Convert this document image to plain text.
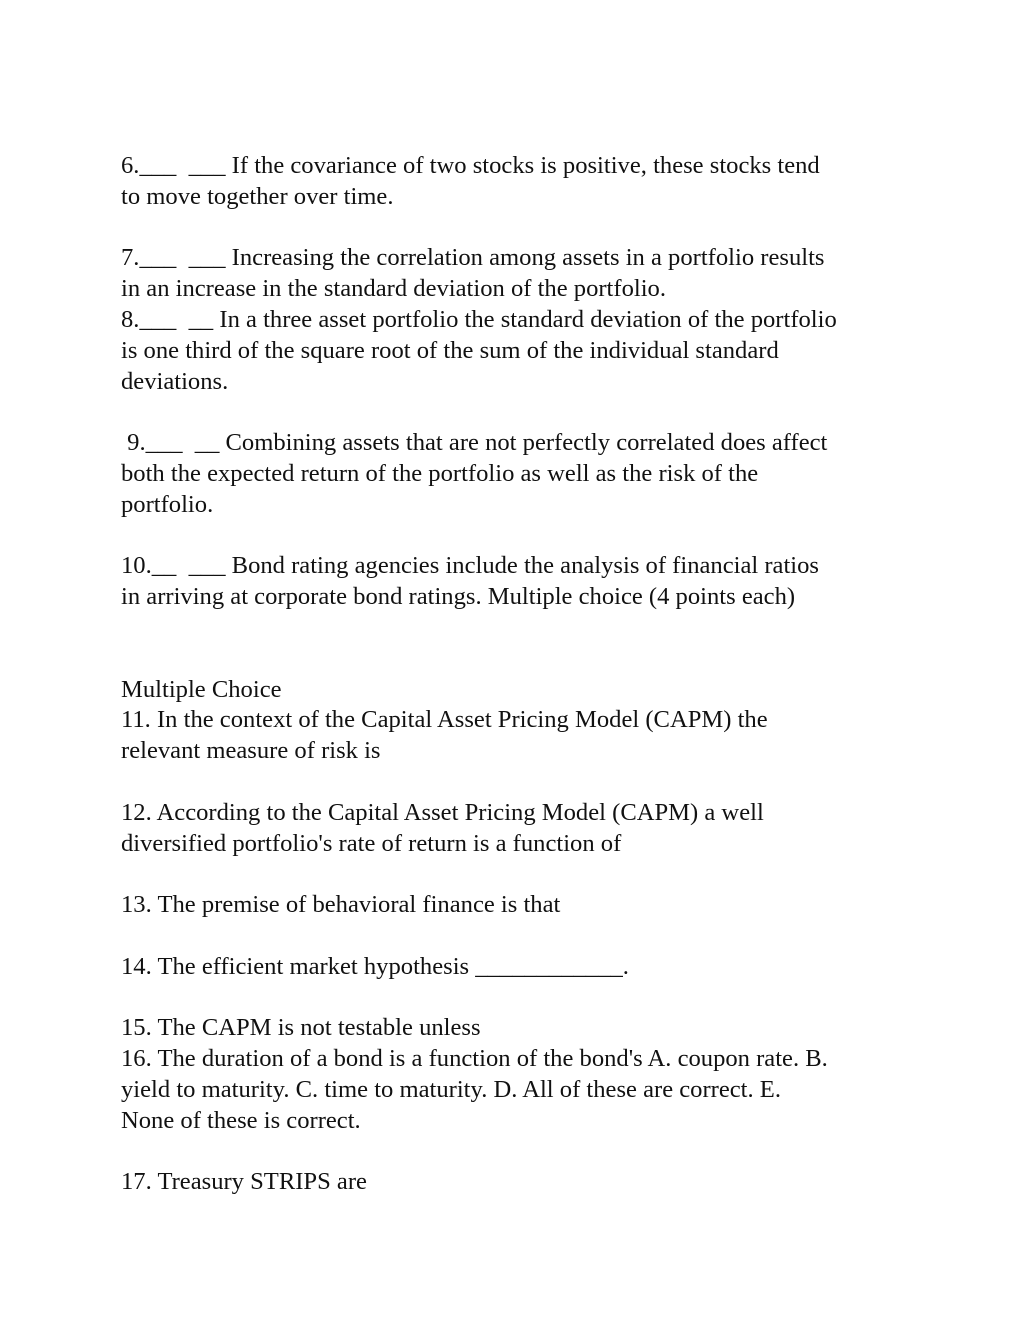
6.___  ___ If the covariance of two stocks is positive, these stocks tend
to move together over time.
7.___  ___ Increasing the correlation among assets in a portfolio results
in an increase in the standard deviation of the portfolio.
8.___  __ In a three asset portfolio the standard deviation of the portfolio
is one third of the square root of the sum of the individual standard
deviations.
9.___  __ Combining assets that are not perfectly correlated does affect
both the expected return of the portfolio as well as the risk of the
portfolio.
10.__  ___ Bond rating agencies include the analysis of financial ratios
in arriving at corporate bond ratings. Multiple choice (4 points each)
Multiple Choice
11. In the context of the Capital Asset Pricing Model (CAPM) the
relevant measure of risk is
12. According to the Capital Asset Pricing Model (CAPM) a well
diversified portfolio's rate of return is a function of
13. The premise of behavioral finance is that
14. The efficient market hypothesis ____________.
15. The CAPM is not testable unless
16. The duration of a bond is a function of the bond's A. coupon rate. B.
yield to maturity. C. time to maturity. D. All of these are correct. E.
None of these is correct.
17. Treasury STRIPS are
